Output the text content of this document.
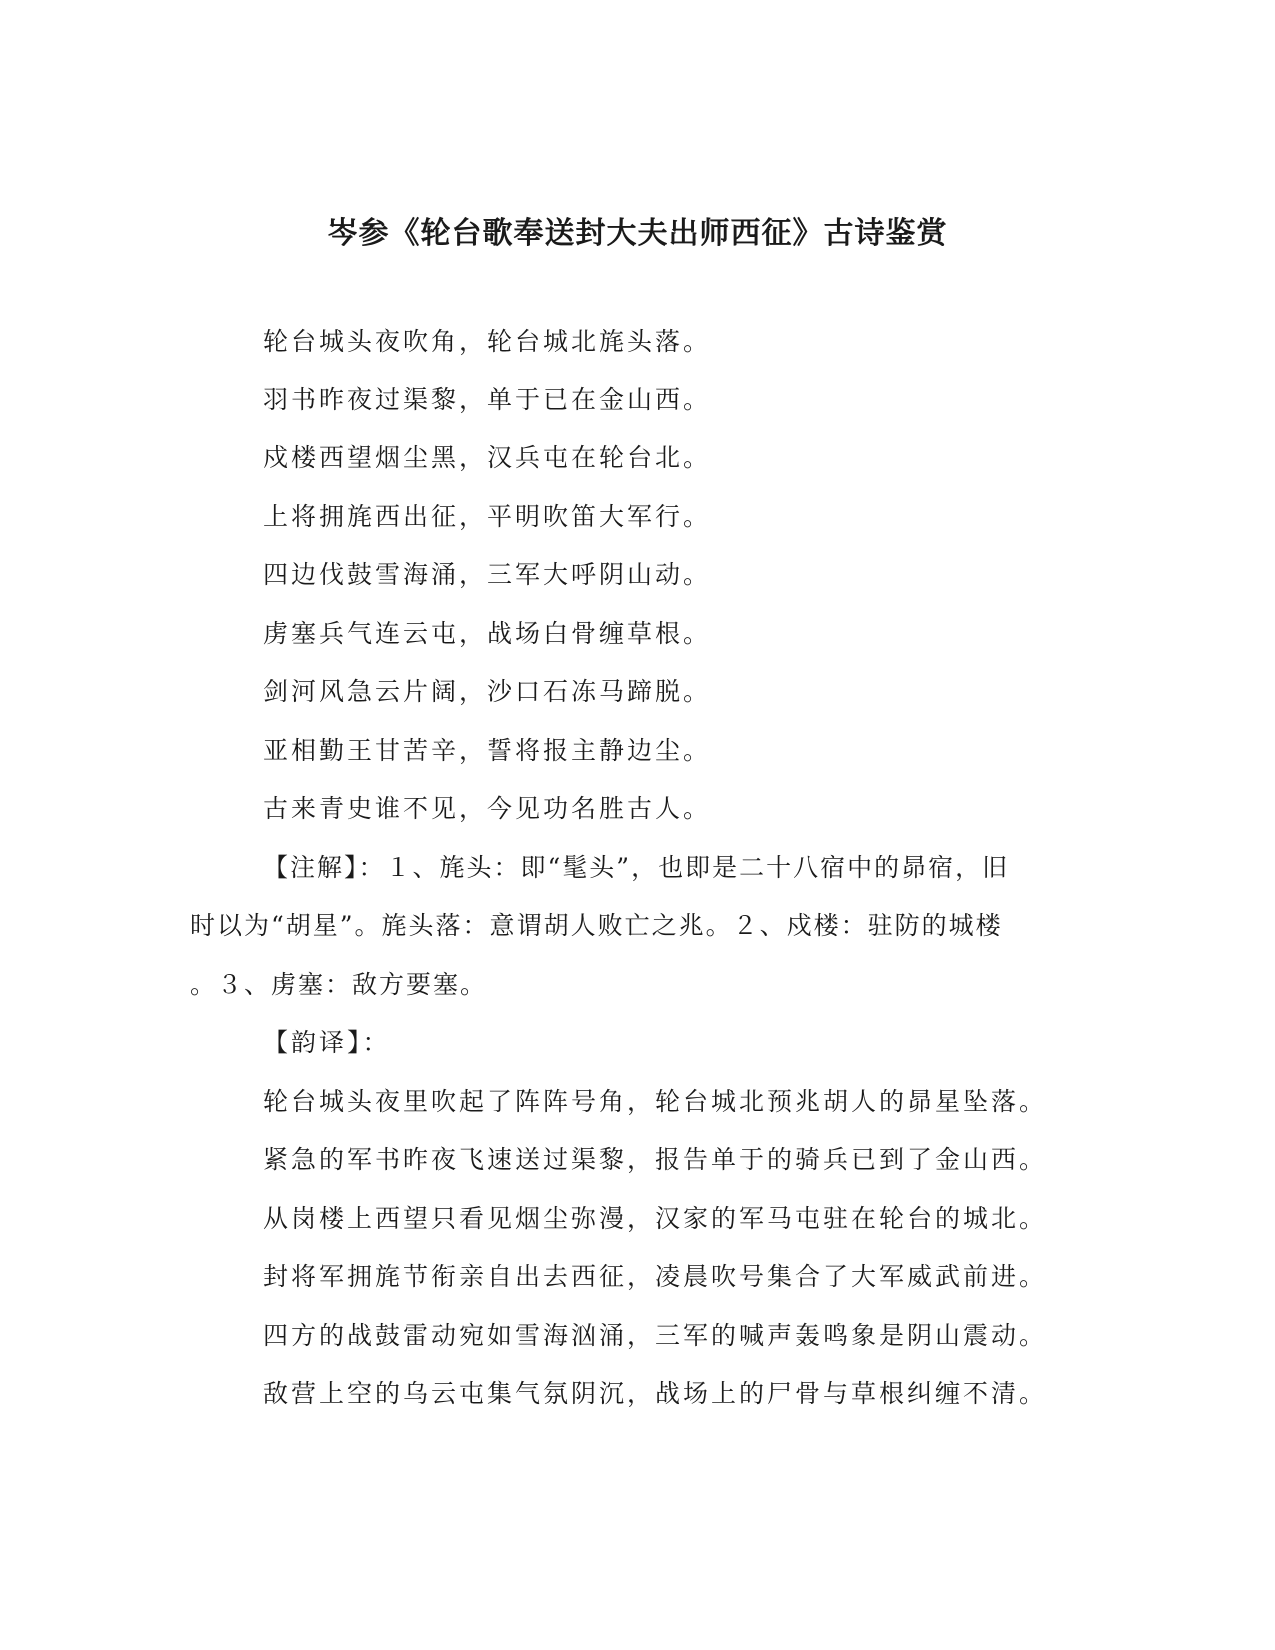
岑参《轮台歌奉送封大夫出师西征》古诗鉴赏

轮台城头夜吹角，轮台城北旄头落。

羽书昨夜过渠黎，单于已在金山西。

戍楼西望烟尘黑，汉兵屯在轮台北。

上将拥旄西出征，平明吹笛大军行。

四边伐鼓雪海涌，三军大呼阴山动。

虏塞兵气连云屯，战场白骨缠草根。

剑河风急云片阔，沙口石冻马蹄脱。

亚相勤王甘苦辛，誓将报主静边尘。

古来青史谁不见，今见功名胜古人。

【注解】：１、旄头：即“髦头”，也即是二十八宿中的昴宿，旧

时以为“胡星”。旄头落：意谓胡人败亡之兆。２、戍楼：驻防的城楼

。３、虏塞：敌方要塞。

【韵译】：

轮台城头夜里吹起了阵阵号角，轮台城北预兆胡人的昴星坠落。

紧急的军书昨夜飞速送过渠黎，报告单于的骑兵已到了金山西。

从岗楼上西望只看见烟尘弥漫，汉家的军马屯驻在轮台的城北。

封将军拥旄节衔亲自出去西征，凌晨吹号集合了大军威武前进。

四方的战鼓雷动宛如雪海汹涌，三军的喊声轰鸣象是阴山震动。

敌营上空的乌云屯集气氛阴沉，战场上的尸骨与草根纠缠不清。
